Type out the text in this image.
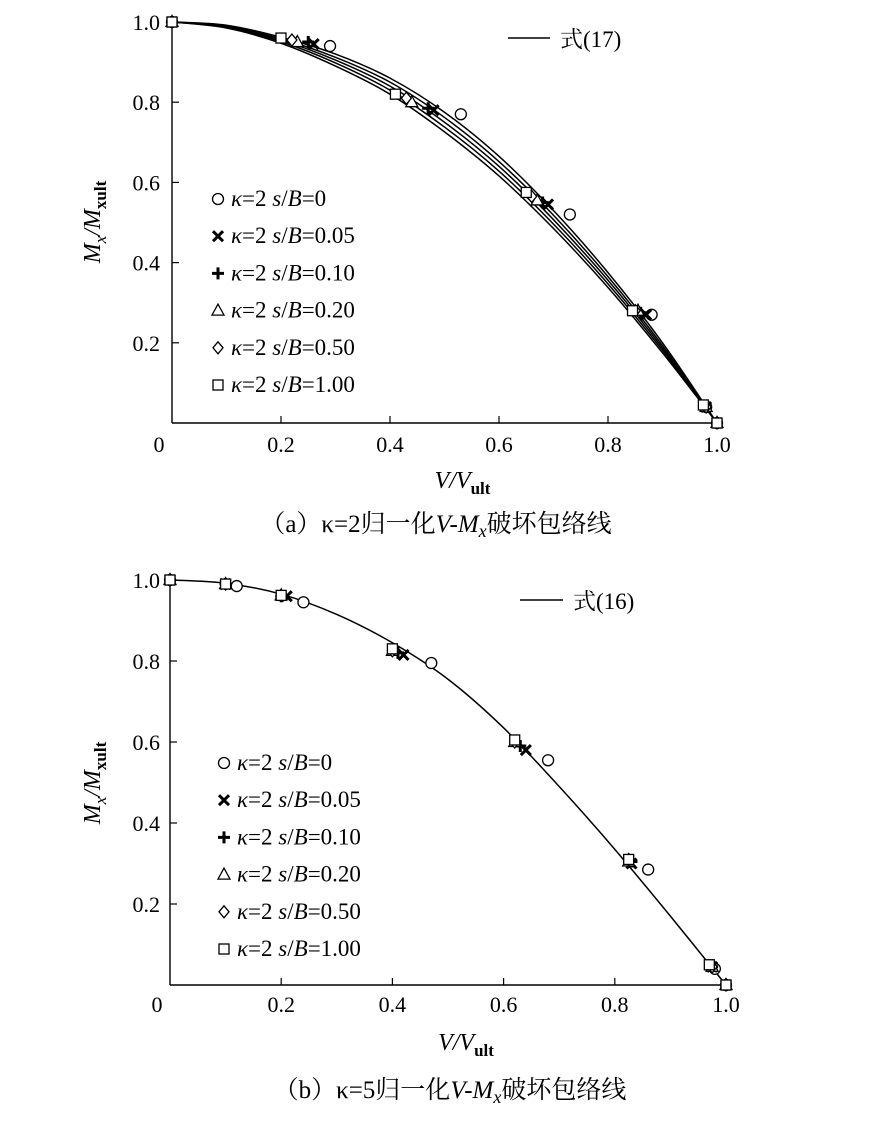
0	0.2	0.4	0.6	0.8	1.0
0.2
0.4
0.6
0.8
1.0
$V/V_{ult}$
$M_x/M_{xult}$	κ=2 s/B=0
κ=2 s/B=0.05
κ=2 s/B=0.10
κ=2 s/B=0.20
κ=2 s/B=0.50
κ=2 s/B=1.00
式(17)
（a）κ=2归一化$V-M_x$破坏包络线
0	0.2	0.4	0.6	0.8	1.0
0.2
0.4
0.6
0.8
1.0
$V/V_{ult}$
$M_x/M_{xult}$	κ=2 s/B=0
κ=2 s/B=0.05
κ=2 s/B=0.10
κ=2 s/B=0.20
κ=2 s/B=0.50
κ=2 s/B=1.00
式(16)
（b）κ=5归一化$V-M_x$破坏包络线
